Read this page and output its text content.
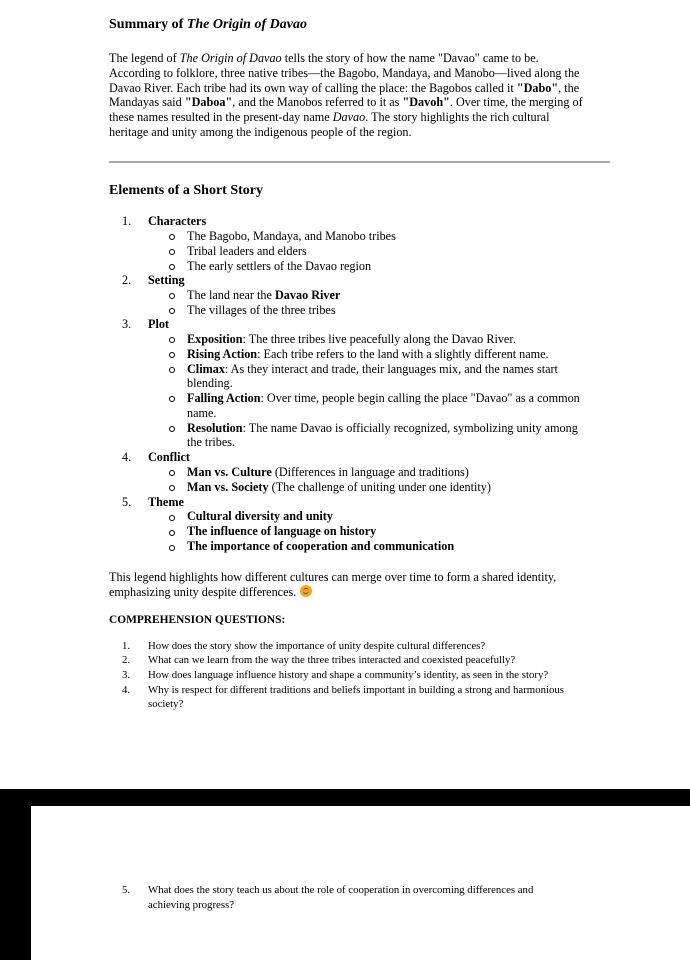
Summary of The Origin of Davao
The legend of The Origin of Davao tells the story of how the name "Davao" came to be.
According to folklore, three native tribes—the Bagobo, Mandaya, and Manobo—lived along the
Davao River. Each tribe had its own way of calling the place: the Bagobos called it "Dabo", the
Mandayas said "Daboa", and the Manobos referred to it as "Davoh". Over time, the merging of
these names resulted in the present-day name Davao. The story highlights the rich cultural
heritage and unity among the indigenous people of the region.
Elements of a Short Story
1. Characters
The Bagobo, Mandaya, and Manobo tribes
Tribal leaders and elders
The early settlers of the Davao region
2. Setting
The land near the Davao River
The villages of the three tribes
3. Plot
Exposition: The three tribes live peacefully along the Davao River.
Rising Action: Each tribe refers to the land with a slightly different name.
Climax: As they interact and trade, their languages mix, and the names start
blending.
Falling Action: Over time, people begin calling the place "Davao" as a common
name.
Resolution: The name Davao is officially recognized, symbolizing unity among
the tribes.
4. Conflict
Man vs. Culture (Differences in language and traditions)
Man vs. Society (The challenge of uniting under one identity)
5. Theme
Cultural diversity and unity
The influence of language on history
The importance of cooperation and communication
This legend highlights how different cultures can merge over time to form a shared identity,
emphasizing unity despite differences.
COMPREHENSION QUESTIONS:
1. How does the story show the importance of unity despite cultural differences?
2. What can we learn from the way the three tribes interacted and coexisted peacefully?
3. How does language influence history and shape a community’s identity, as seen in the story?
4. Why is respect for different traditions and beliefs important in building a strong and harmonious
society?
5. What does the story teach us about the role of cooperation in overcoming differences and
achieving progress?
